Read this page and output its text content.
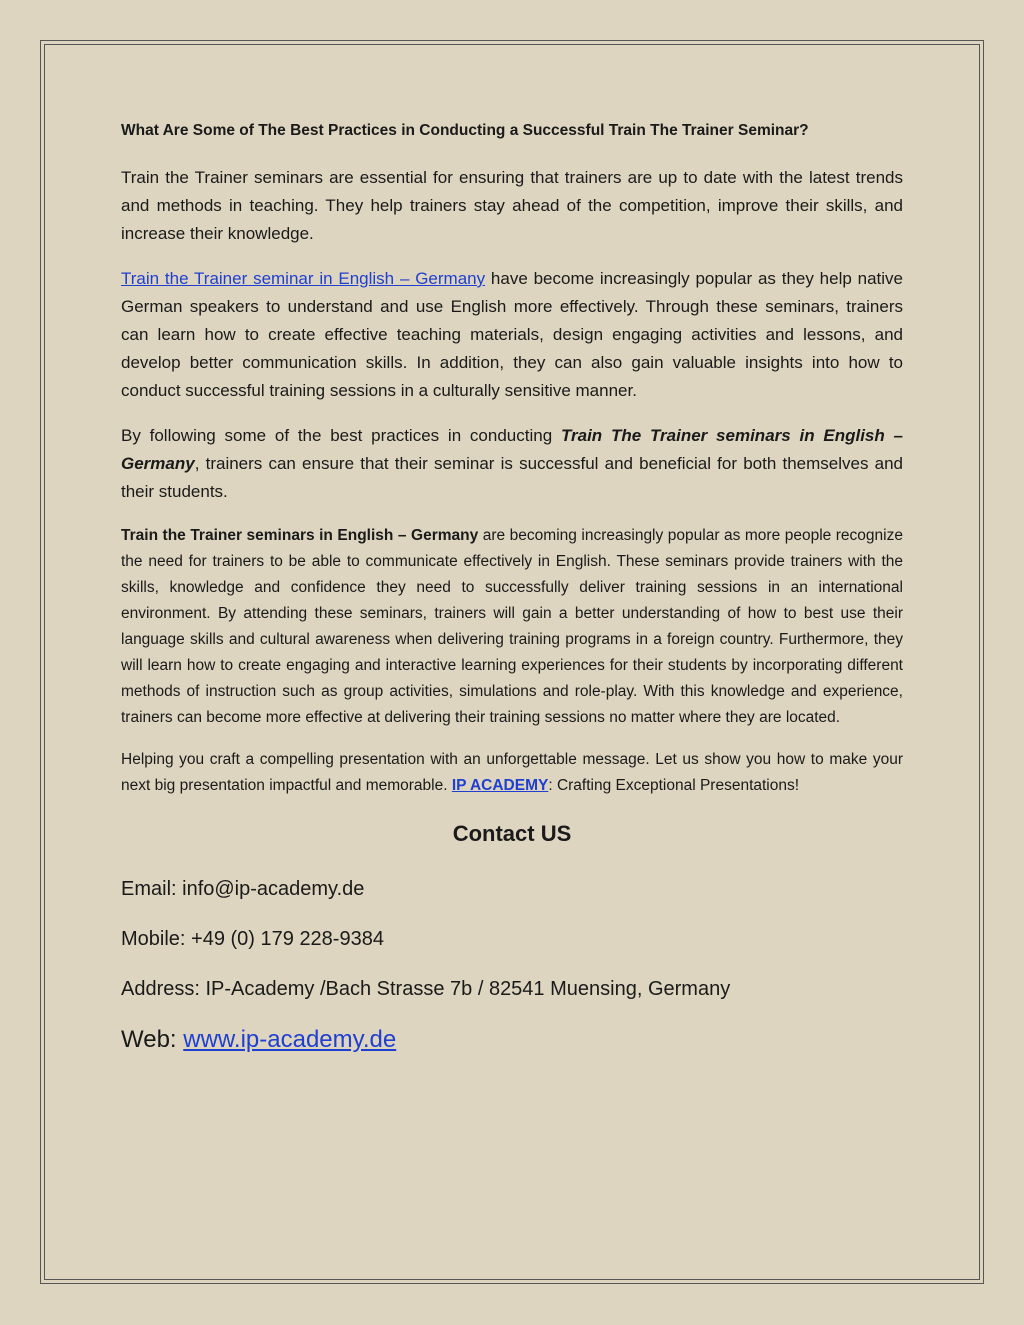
What Are Some of The Best Practices in Conducting a Successful Train The Trainer Seminar?

Train the Trainer seminars are essential for ensuring that trainers are up to date with the latest trends and methods in teaching. They help trainers stay ahead of the competition, improve their skills, and increase their knowledge.

Train the Trainer seminar in English – Germany have become increasingly popular as they help native German speakers to understand and use English more effectively. Through these seminars, trainers can learn how to create effective teaching materials, design engaging activities and lessons, and develop better communication skills. In addition, they can also gain valuable insights into how to conduct successful training sessions in a culturally sensitive manner.

By following some of the best practices in conducting Train The Trainer seminars in English – Germany, trainers can ensure that their seminar is successful and beneficial for both themselves and their students.

Train the Trainer seminars in English – Germany are becoming increasingly popular as more people recognize the need for trainers to be able to communicate effectively in English. These seminars provide trainers with the skills, knowledge and confidence they need to successfully deliver training sessions in an international environment. By attending these seminars, trainers will gain a better understanding of how to best use their language skills and cultural awareness when delivering training programs in a foreign country. Furthermore, they will learn how to create engaging and interactive learning experiences for their students by incorporating different methods of instruction such as group activities, simulations and role-play. With this knowledge and experience, trainers can become more effective at delivering their training sessions no matter where they are located.

Helping you craft a compelling presentation with an unforgettable message. Let us show you how to make your next big presentation impactful and memorable. IP ACADEMY: Crafting Exceptional Presentations!

Contact US
Email: info@ip-academy.de
Mobile: +49 (0) 179 228-9384
Address: IP-Academy /Bach Strasse 7b / 82541 Muensing, Germany
Web: www.ip-academy.de
